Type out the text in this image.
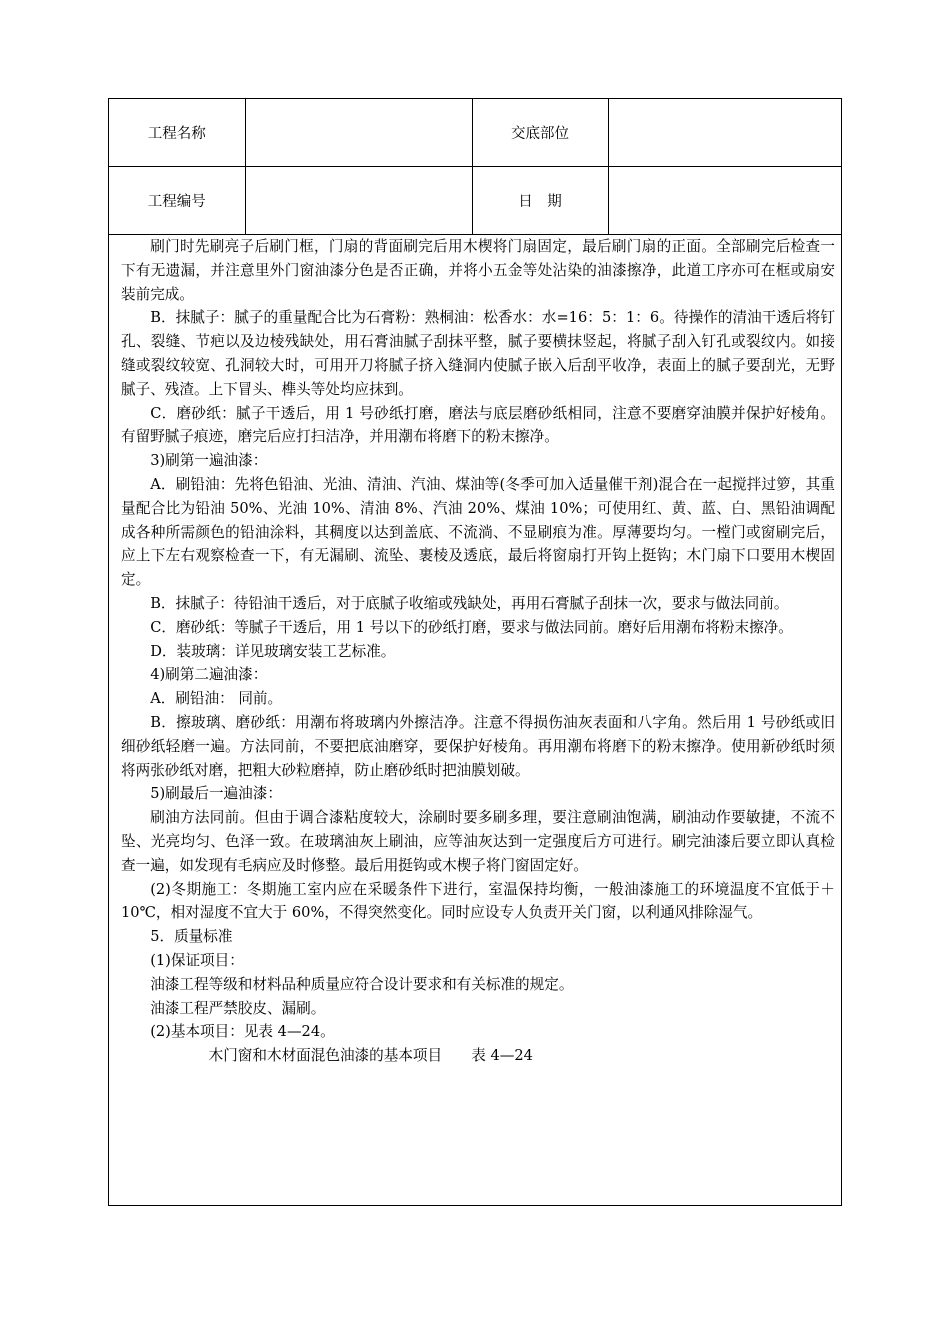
工程名称		交底部位	
工程编号		日　期	

刷门时先刷亮子后刷门框，门扇的背面刷完后用木楔将门扇固定，最后刷门扇的正面。全部刷完后检查一下有无遗漏，并注意里外门窗油漆分色是否正确，并将小五金等处沾染的油漆擦净，此道工序亦可在框或扇安装前完成。

B．抹腻子：腻子的重量配合比为石膏粉：熟桐油：松香水：水=16：5：1：6。待操作的清油干透后将钉孔、裂缝、节疤以及边棱残缺处，用石膏油腻子刮抹平整，腻子要横抹竖起，将腻子刮入钉孔或裂纹内。如接缝或裂纹较宽、孔洞较大时，可用开刀将腻子挤入缝洞内使腻子嵌入后刮平收净，表面上的腻子要刮光，无野腻子、残渣。上下冒头、榫头等处均应抹到。

C．磨砂纸：腻子干透后，用 1 号砂纸打磨，磨法与底层磨砂纸相同，注意不要磨穿油膜并保护好棱角。有留野腻子痕迹，磨完后应打扫洁净，并用潮布将磨下的粉末擦净。

3)刷第一遍油漆：

A．刷铅油：先将色铅油、光油、清油、汽油、煤油等(冬季可加入适量催干剂)混合在一起搅拌过箩，其重量配合比为铅油 50%、光油 10%、清油 8%、汽油 20%、煤油 10%；可使用红、黄、蓝、白、黑铅油调配成各种所需颜色的铅油涂料，其稠度以达到盖底、不流淌、不显刷痕为准。厚薄要均匀。一樘门或窗刷完后，应上下左右观察检查一下，有无漏刷、流坠、裹棱及透底，最后将窗扇打开钩上挺钩；木门扇下口要用木楔固定。

B．抹腻子：待铅油干透后，对于底腻子收缩或残缺处，再用石膏腻子刮抹一次，要求与做法同前。

C．磨砂纸：等腻子干透后，用 1 号以下的砂纸打磨，要求与做法同前。磨好后用潮布将粉末擦净。

D．装玻璃：详见玻璃安装工艺标准。

4)刷第二遍油漆：

A．刷铅油： 同前。

B．擦玻璃、磨砂纸：用潮布将玻璃内外擦洁净。注意不得损伤油灰表面和八字角。然后用 1 号砂纸或旧细砂纸轻磨一遍。方法同前，不要把底油磨穿，要保护好棱角。再用潮布将磨下的粉末擦净。使用新砂纸时须将两张砂纸对磨，把粗大砂粒磨掉，防止磨砂纸时把油膜划破。

5)刷最后一遍油漆：

刷油方法同前。但由于调合漆粘度较大，涂刷时要多刷多理，要注意刷油饱满，刷油动作要敏捷，不流不坠、光亮均匀、色泽一致。在玻璃油灰上刷油，应等油灰达到一定强度后方可进行。刷完油漆后要立即认真检查一遍，如发现有毛病应及时修整。最后用挺钩或木楔子将门窗固定好。

(2)冬期施工：冬期施工室内应在采暖条件下进行，室温保持均衡，一般油漆施工的环境温度不宜低于＋10℃，相对湿度不宜大于 60%，不得突然变化。同时应设专人负责开关门窗，以利通风排除湿气。

5．质量标准

(1)保证项目：

油漆工程等级和材料品种质量应符合设计要求和有关标准的规定。

油漆工程严禁胶皮、漏刷。

(2)基本项目：见表 4—24。

木门窗和木材面混色油漆的基本项目　　表 4—24
